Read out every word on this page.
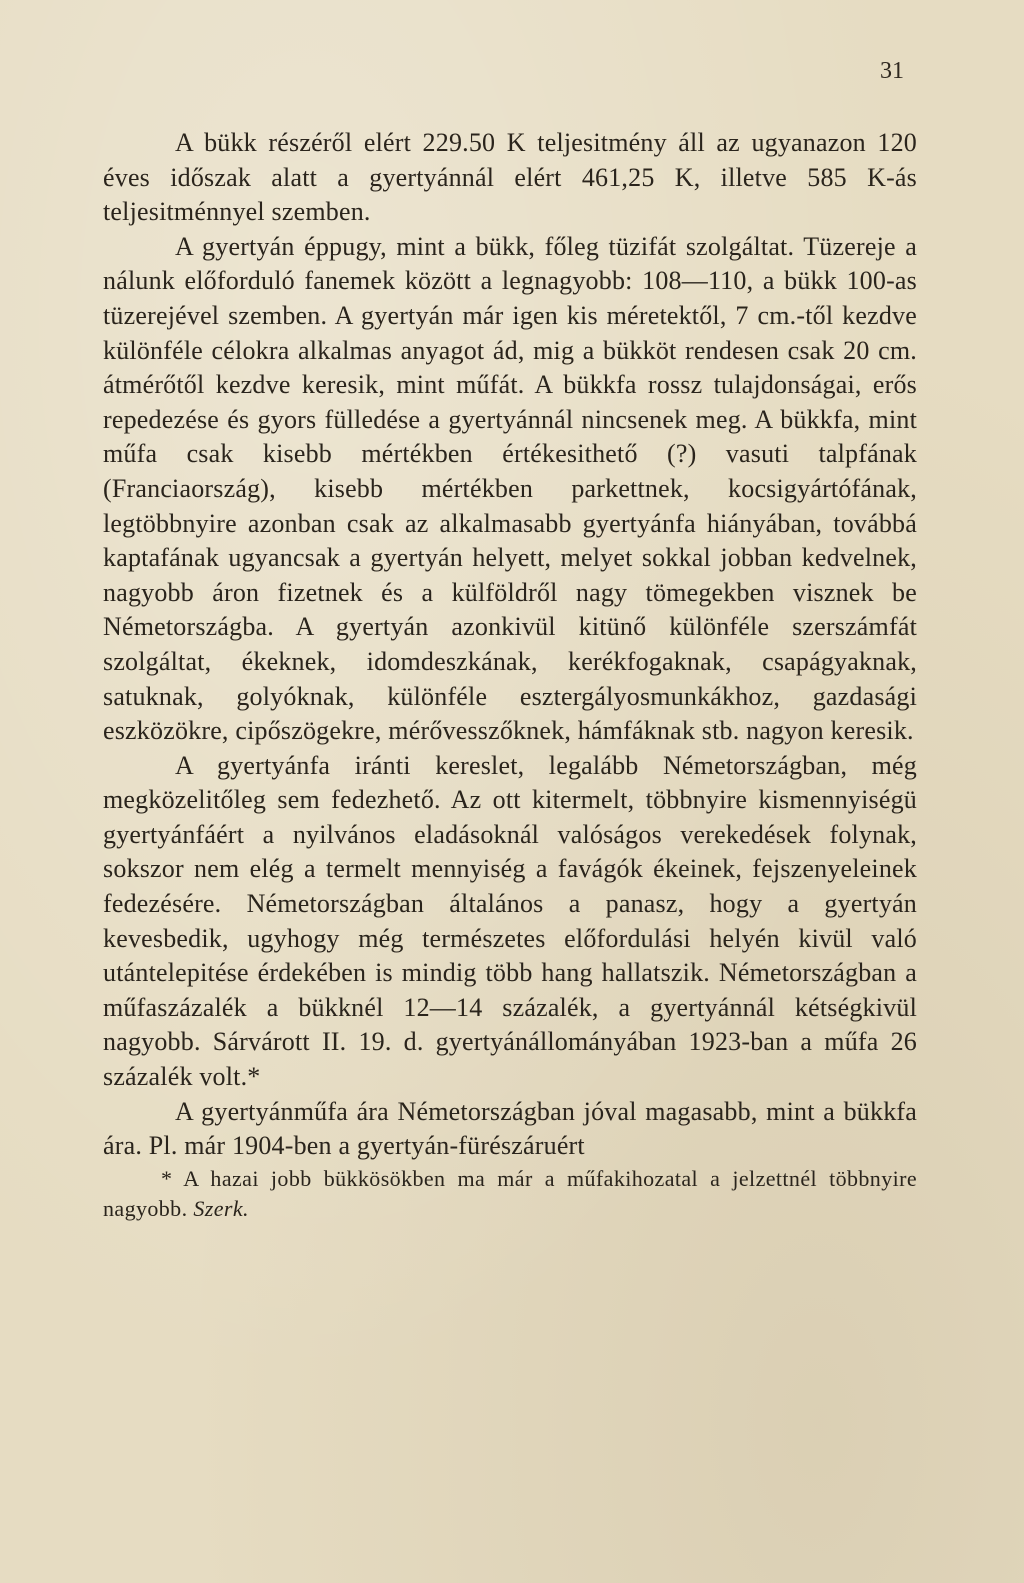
31

A bükk részéről elért 229.50 K teljesitmény áll az ugyanazon 120 éves időszak alatt a gyertyánnál elért 461,25 K, illetve 585 K-ás teljesitménnyel szemben.

A gyertyán éppugy, mint a bükk, főleg tüzifát szolgáltat. Tüzereje a nálunk előforduló fanemek között a legnagyobb: 108—110, a bükk 100-as tüzerejével szemben. A gyertyán már igen kis méretektől, 7 cm.-től kezdve különféle célokra alkalmas anyagot ád, mig a bükköt rendesen csak 20 cm. átmérőtől kezdve keresik, mint műfát. A bükkfa rossz tulajdonságai, erős repedezése és gyors fülledése a gyertyánnál nincsenek meg. A bükkfa, mint műfa csak kisebb mértékben értékesithető (?) vasuti talpfának (Franciaország), kisebb mértékben parkettnek, kocsigyártófának, legtöbbnyire azonban csak az alkalmasabb gyertyánfa hiányában, továbbá kaptafának ugyancsak a gyertyán helyett, melyet sokkal jobban kedvelnek, nagyobb áron fizetnek és a külföldről nagy tömegekben visznek be Németországba. A gyertyán azonkivül kitünő különféle szerszámfát szolgáltat, ékeknek, idomdeszkának, kerékfogaknak, csapágyaknak, satuknak, golyóknak, különféle esztergályosmunkákhoz, gazdasági eszközökre, cipőszögekre, mérővesszőknek, hámfáknak stb. nagyon keresik.

A gyertyánfa iránti kereslet, legalább Németországban, még megközelitőleg sem fedezhető. Az ott kitermelt, többnyire kismennyiségü gyertyánfáért a nyilvános eladásoknál valóságos verekedések folynak, sokszor nem elég a termelt mennyiség a favágók ékeinek, fejszenyeleinek fedezésére. Németországban általános a panasz, hogy a gyertyán kevesbedik, ugyhogy még természetes előfordulási helyén kivül való utántelepitése érdekében is mindig több hang hallatszik. Németországban a műfaszázalék a bükknél 12—14 százalék, a gyertyánnál kétségkivül nagyobb. Sárvárott II. 19. d. gyertyánállományában 1923-ban a műfa 26 százalék volt.*

A gyertyánműfa ára Németországban jóval magasabb, mint a bükkfa ára. Pl. már 1904-ben a gyertyán-fürészáruért

* A hazai jobb bükkösökben ma már a műfakihozatal a jelzettnél többnyire nagyobb. Szerk.
